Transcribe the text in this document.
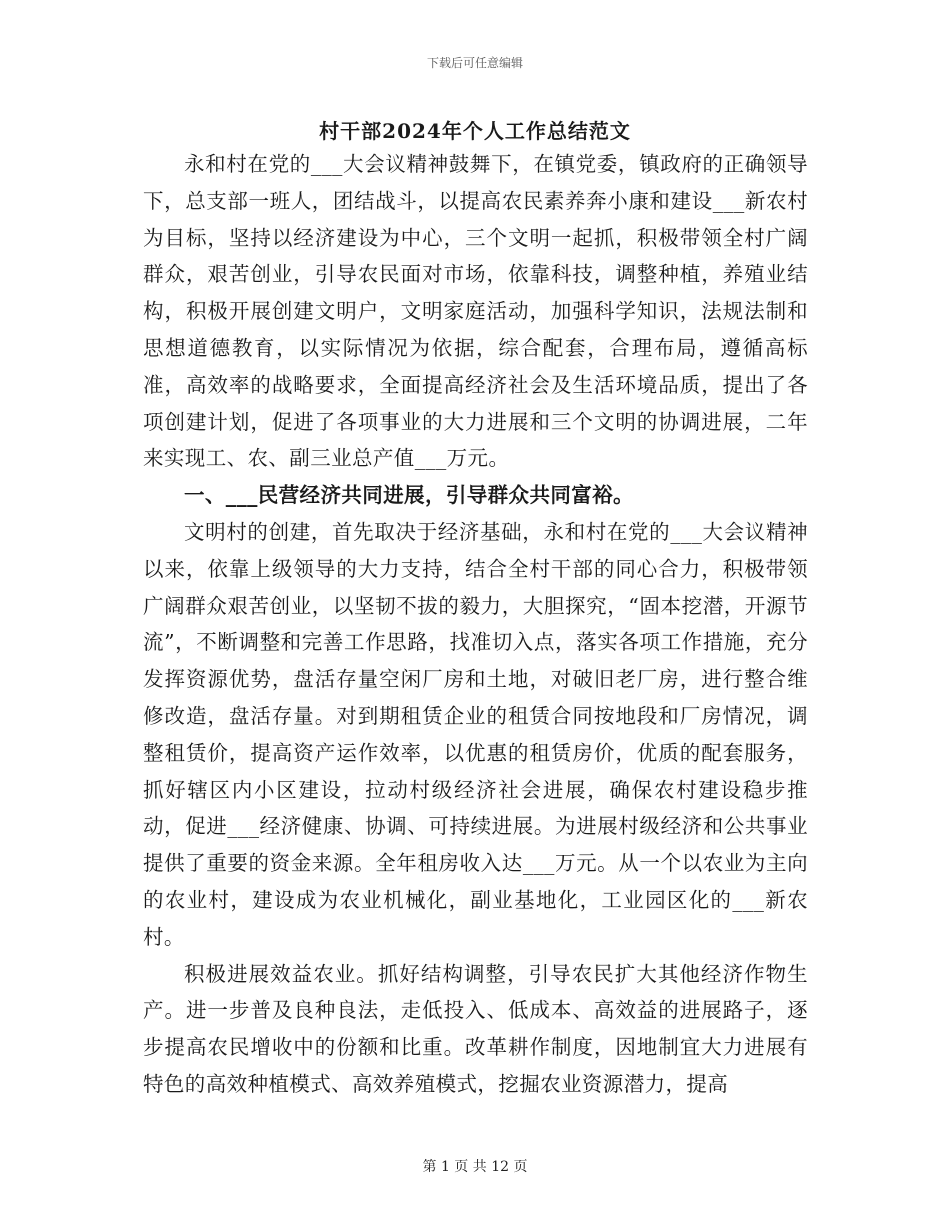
下载后可任意编辑
村干部2024年个人工作总结范文

永和村在党的___大会议精神鼓舞下，在镇党委，镇政府的正确领导下，总支部一班人，团结战斗，以提高农民素养奔小康和建设___新农村为目标，坚持以经济建设为中心，三个文明一起抓，积极带领全村广阔群众，艰苦创业，引导农民面对市场，依靠科技，调整种植，养殖业结构，积极开展创建文明户，文明家庭活动，加强科学知识，法规法制和思想道德教育，以实际情况为依据，综合配套，合理布局，遵循高标准，高效率的战略要求，全面提高经济社会及生活环境品质，提出了各项创建计划，促进了各项事业的大力进展和三个文明的协调进展，二年来实现工、农、副三业总产值___万元。

一、___民营经济共同进展，引导群众共同富裕。

文明村的创建，首先取决于经济基础，永和村在党的___大会议精神以来，依靠上级领导的大力支持，结合全村干部的同心合力，积极带领广阔群众艰苦创业，以坚韧不拔的毅力，大胆探究，“固本挖潜，开源节流”，不断调整和完善工作思路，找准切入点，落实各项工作措施，充分发挥资源优势，盘活存量空闲厂房和土地，对破旧老厂房，进行整合维修改造，盘活存量。对到期租赁企业的租赁合同按地段和厂房情况，调整租赁价，提高资产运作效率，以优惠的租赁房价，优质的配套服务，抓好辖区内小区建设，拉动村级经济社会进展，确保农村建设稳步推动，促进___经济健康、协调、可持续进展。为进展村级经济和公共事业提供了重要的资金来源。全年租房收入达___万元。从一个以农业为主向的农业村，建设成为农业机械化，副业基地化，工业园区化的___新农村。

积极进展效益农业。抓好结构调整，引导农民扩大其他经济作物生产。进一步普及良种良法，走低投入、低成本、高效益的进展路子，逐步提高农民增收中的份额和比重。改革耕作制度，因地制宜大力进展有特色的高效种植模式、高效养殖模式，挖掘农业资源潜力，提高

第 1 页 共 12 页
